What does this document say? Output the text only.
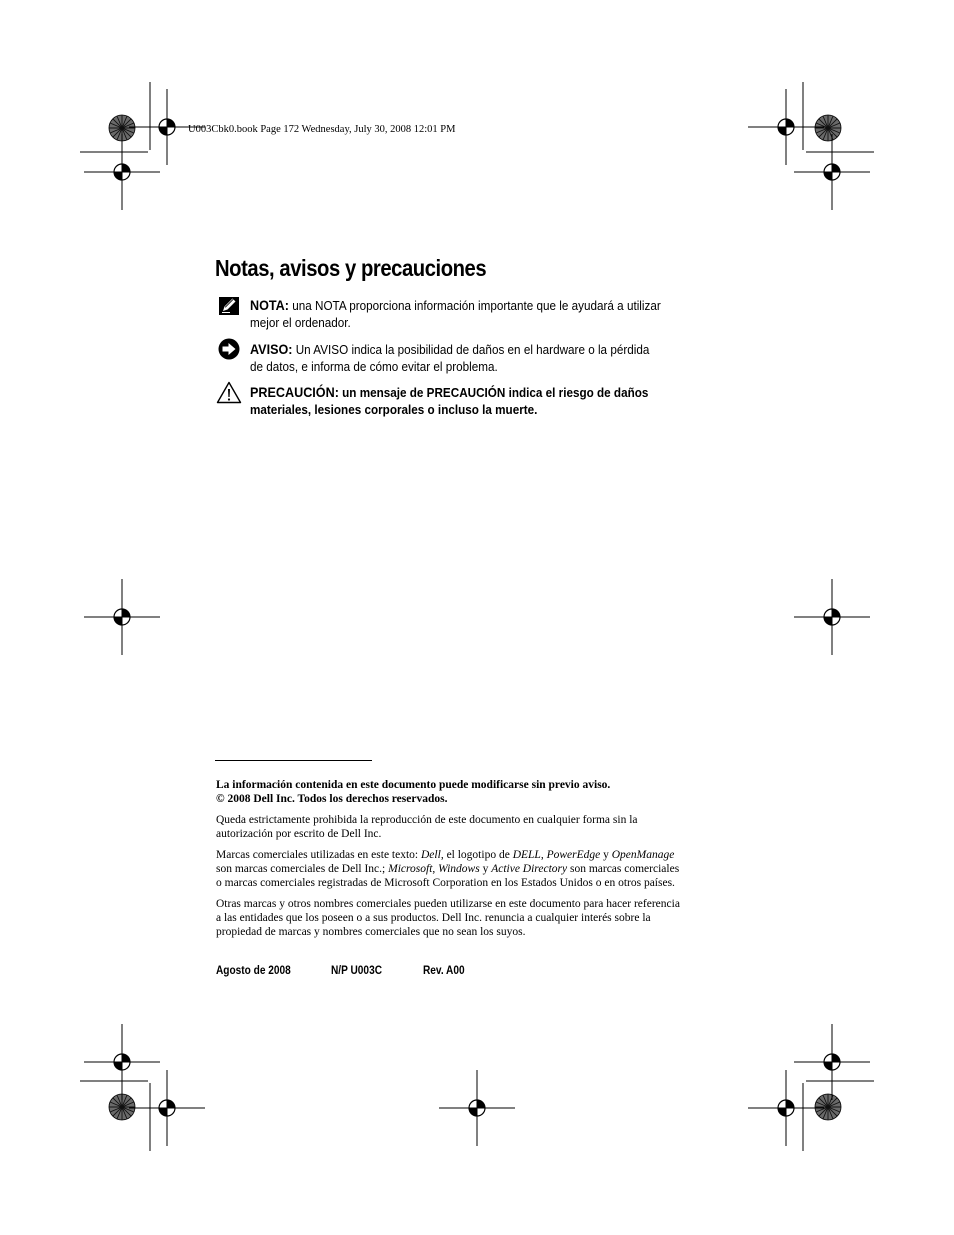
U003Cbk0.book Page 172 Wednesday, July 30, 2008 12:01 PM
Notas, avisos y precauciones
NOTA: una NOTA proporciona información importante que le ayudará a utilizar
mejor el ordenador.
AVISO: Un AVISO indica la posibilidad de daños en el hardware o la pérdida
de datos, e informa de cómo evitar el problema.
PRECAUCIÓN: un mensaje de PRECAUCIÓN indica el riesgo de daños
materiales, lesiones corporales o incluso la muerte.

La información contenida en este documento puede modificarse sin previo aviso.

© 2008 Dell Inc. Todos los derechos reservados.

Queda estrictamente prohibida la reproducción de este documento en cualquier forma sin la

autorización por escrito de Dell Inc.

Marcas comerciales utilizadas en este texto: Dell, el logotipo de DELL, PowerEdge y OpenManage

son marcas comerciales de Dell Inc.; Microsoft, Windows y Active Directory son marcas comerciales

o marcas comerciales registradas de Microsoft Corporation en los Estados Unidos o en otros países.

Otras marcas y otros nombres comerciales pueden utilizarse en este documento para hacer referencia

a las entidades que los poseen o a sus productos. Dell Inc. renuncia a cualquier interés sobre la

propiedad de marcas y nombres comerciales que no sean los suyos.

Agosto de 2008	N/P U003C	Rev. A00
